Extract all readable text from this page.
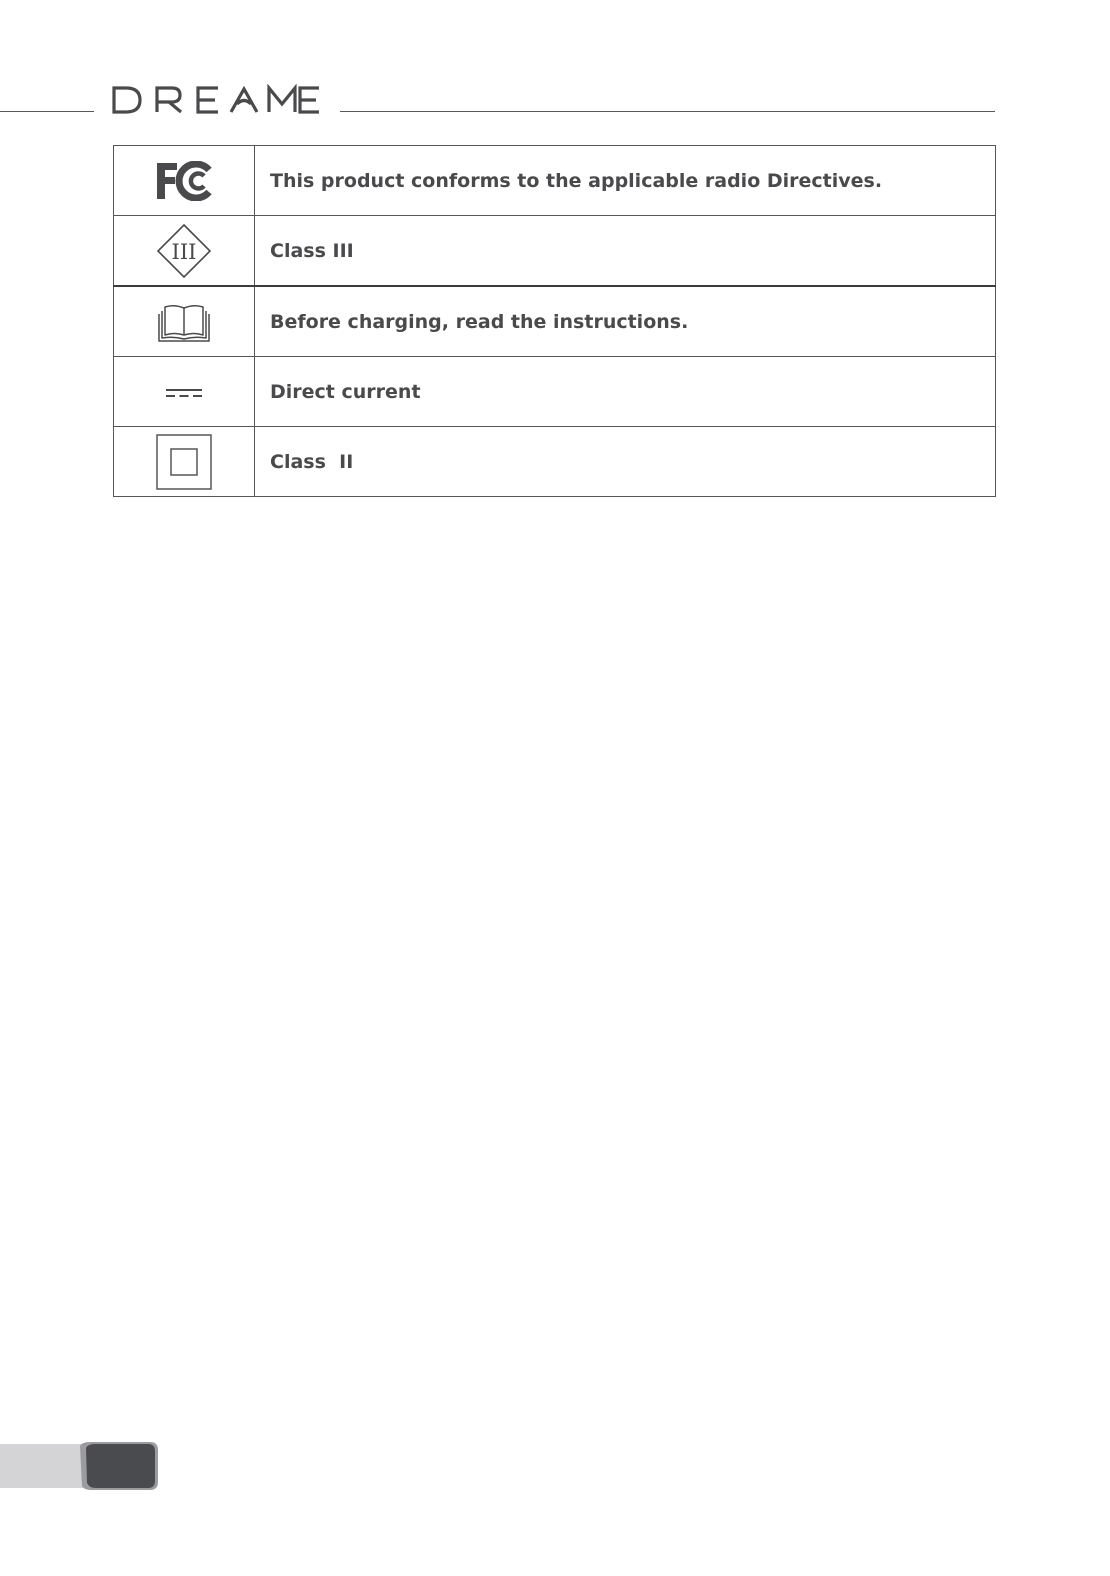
	This product conforms to the applicable radio Directives.

III	Class III
	Before charging, read the instructions.
	Direct current
	Class  II
